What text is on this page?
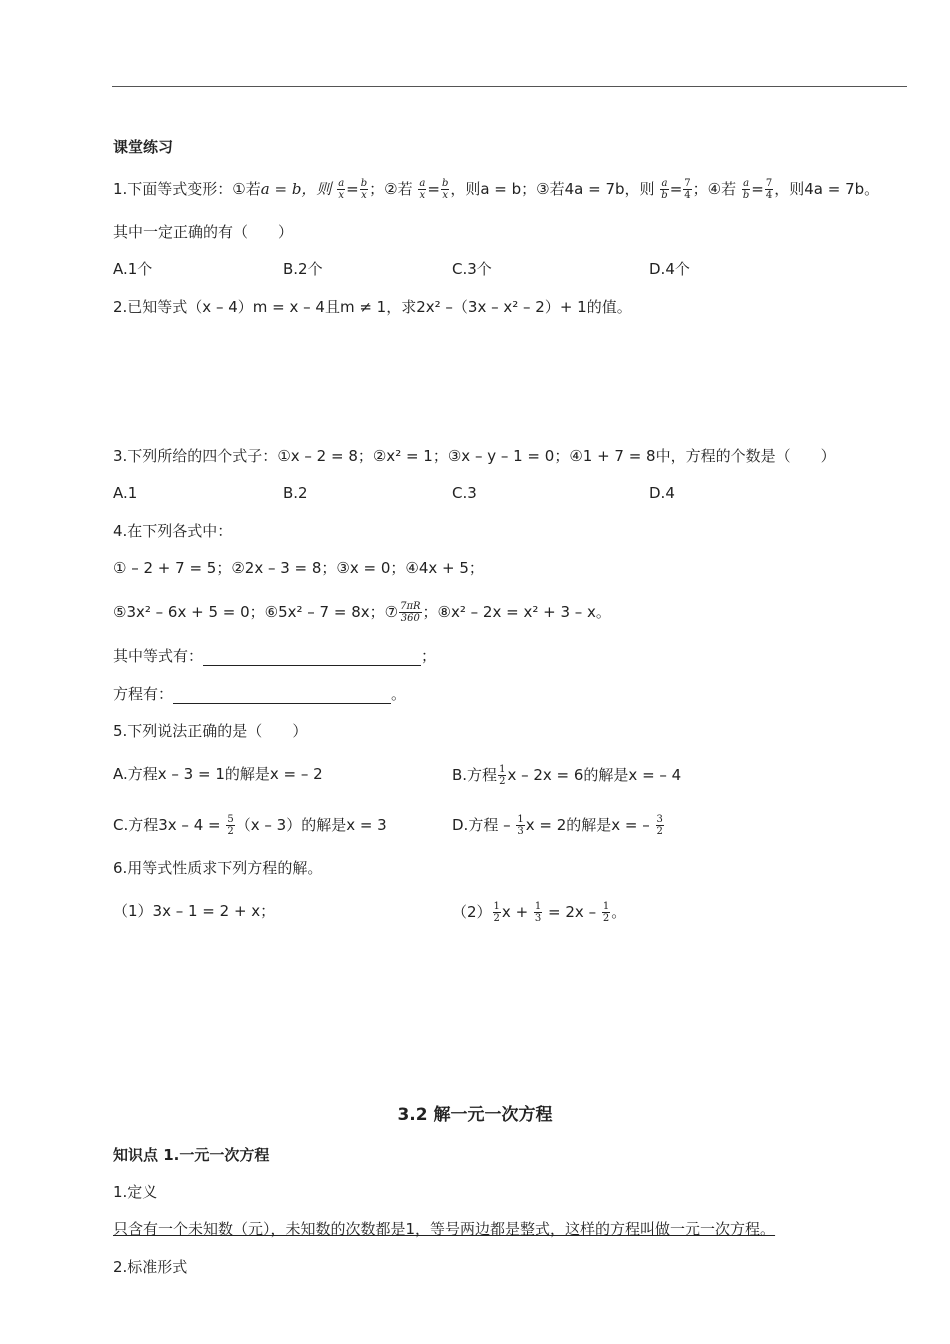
课堂练习
1.下面等式变形：①若a = b，则 $\frac{a}{x} = \frac{b}{x}$ ；②若 $\frac{a}{x} = \frac{b}{x}$ ，则a = b；③若4a = 7b，则 $\frac{a}{b} = \frac{7}{4}$ ；④若 $\frac{a}{b} = \frac{7}{4}$ ，则4a = 7b。
其中一定正确的有（　　）
A.1个	B.2个	C.3个	D.4个
2.已知等式（x – 4）m = x – 4且m ≠ 1，求2x² –（3x – x² – 2）+ 1的值。
3.下列所给的四个式子：①x – 2 = 8；②x² = 1；③x – y – 1 = 0；④1 + 7 = 8中，方程的个数是（　　）
A.1	B.2	C.3	D.4
4.在下列各式中：
① – 2 + 7 = 5；②2x – 3 = 8；③x = 0；④4x + 5；
⑤3x² – 6x + 5 = 0；⑥5x² – 7 = 8x；⑦ $\frac{7\pi R}{360}$ ；⑧x² – 2x = x² + 3 – x。
其中等式有：	；
方程有：	。
5.下列说法正确的是（　　）
A.方程x – 3 = 1的解是x = – 2	B.方程 $\frac{1}{2}$ x – 2x = 6的解是x = – 4
C.方程$3x - 4 = \frac{5}{2} (x - 3)$的解是x = 3	D.方程 – $\frac{1}{3}$ x = 2的解是x = – $\frac{3}{2}$
6.用等式性质求下列方程的解。
（1）3x – 1 = 2 + x；	$(2) \frac{1}{2}$ $x + \frac{1}{3} = 2x - \frac{1}{2}$ 。
3.2 解一元一次方程
知识点 1.一元一次方程
1.定义
只含有一个未知数（元），未知数的次数都是1，等号两边都是整式，这样的方程叫做一元一次方程。
2.标准形式
